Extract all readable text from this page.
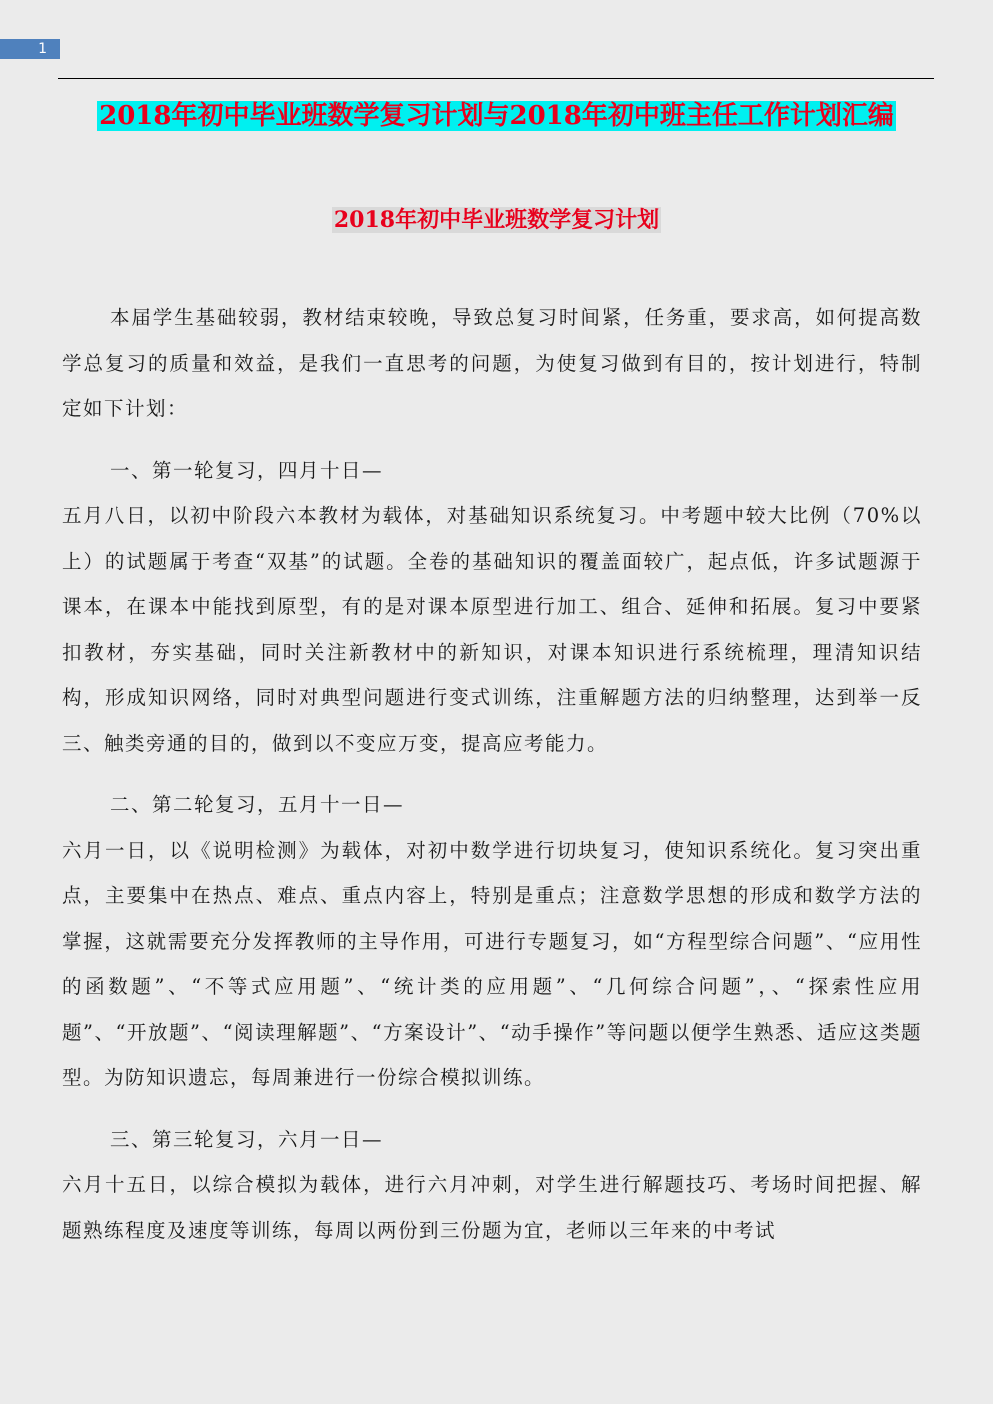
1
2018年初中毕业班数学复习计划与2018年初中班主任工作计划汇编
2018年初中毕业班数学复习计划

本届学生基础较弱，教材结束较晚，导致总复习时间紧，任务重，要求高，如何提高数学总复习的质量和效益，是我们一直思考的问题，为使复习做到有目的，按计划进行，特制定如下计划：

一、第一轮复习，四月十日—
五月八日，以初中阶段六本教材为载体，对基础知识系统复习。中考题中较大比例（70%以上）的试题属于考查“双基”的试题。全卷的基础知识的覆盖面较广，起点低，许多试题源于课本，在课本中能找到原型，有的是对课本原型进行加工、组合、延伸和拓展。复习中要紧扣教材，夯实基础，同时关注新教材中的新知识，对课本知识进行系统梳理，理清知识结构，形成知识网络，同时对典型问题进行变式训练，注重解题方法的归纳整理，达到举一反三、触类旁通的目的，做到以不变应万变，提高应考能力。

二、第二轮复习，五月十一日—
六月一日，以《说明检测》为载体，对初中数学进行切块复习，使知识系统化。复习突出重点，主要集中在热点、难点、重点内容上，特别是重点；注意数学思想的形成和数学方法的掌握，这就需要充分发挥教师的主导作用，可进行专题复习，如“方程型综合问题”、“应用性的函数题”、“不等式应用题”、“统计类的应用题”、“几何综合问题”，、“探索性应用题”、“开放题”、“阅读理解题”、“方案设计”、“动手操作”等问题以便学生熟悉、适应这类题型。为防知识遗忘，每周兼进行一份综合模拟训练。

三、第三轮复习，六月一日—
六月十五日，以综合模拟为载体，进行六月冲刺，对学生进行解题技巧、考场时间把握、解题熟练程度及速度等训练，每周以两份到三份题为宜，老师以三年来的中考试
